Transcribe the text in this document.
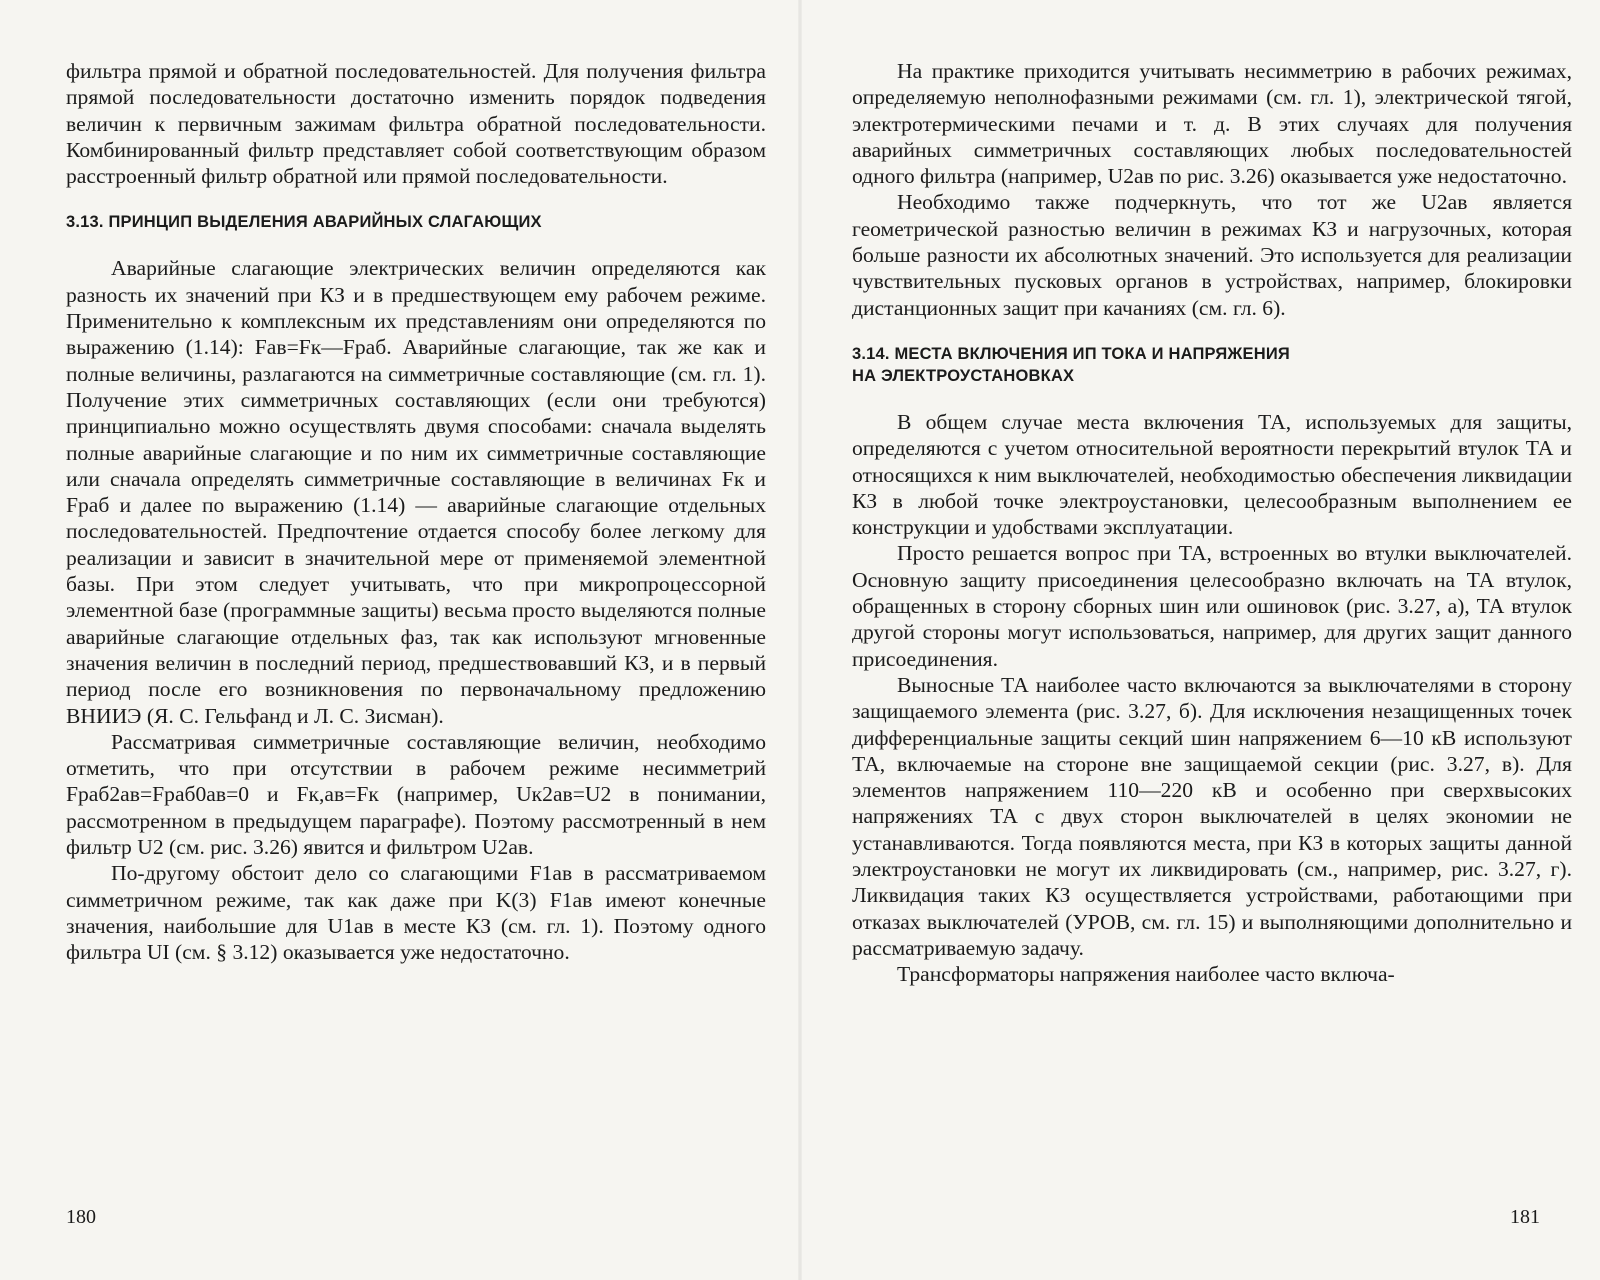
фильтра прямой и обратной последовательностей. Для получения фильтра прямой последовательности достаточно изменить порядок подведения величин к первичным зажимам фильтра обратной последовательности. Комбинированный фильтр представляет собой соответствующим образом расстроенный фильтр обратной или прямой последовательности.

3.13. ПРИНЦИП ВЫДЕЛЕНИЯ АВАРИЙНЫХ СЛАГАЮЩИХ

Аварийные слагающие электрических величин определяются как разность их значений при КЗ и в предшествующем ему рабочем режиме. Применительно к комплексным их представлениям они определяются по выражению (1.14): Fав=Fк—Fраб. Аварийные слагающие, так же как и полные величины, разлагаются на симметричные составляющие (см. гл. 1). Получение этих симметричных составляющих (если они требуются) принципиально можно осуществлять двумя способами: сначала выделять полные аварийные слагающие и по ним их симметричные составляющие или сначала определять симметричные составляющие в величинах Fк и Fраб и далее по выражению (1.14) — аварийные слагающие отдельных последовательностей. Предпочтение отдается способу более легкому для реализации и зависит в значительной мере от применяемой элементной базы. При этом следует учитывать, что при микропроцессорной элементной базе (программные защиты) весьма просто выделяются полные аварийные слагающие отдельных фаз, так как используют мгновенные значения величин в последний период, предшествовавший КЗ, и в первый период после его возникновения по первоначальному предложению ВНИИЭ (Я. С. Гельфанд и Л. С. Зисман).

Рассматривая симметричные составляющие величин, необходимо отметить, что при отсутствии в рабочем режиме несимметрий Fраб2ав=Fраб0ав=0 и Fк,ав=Fк (например, Uк2ав=U2 в понимании, рассмотренном в предыдущем параграфе). Поэтому рассмотренный в нем фильтр U2 (см. рис. 3.26) явится и фильтром U2ав.

По-другому обстоит дело со слагающими F1ав в рассматриваемом симметричном режиме, так как даже при K(3) F1ав имеют конечные значения, наибольшие для U1ав в месте КЗ (см. гл. 1). Поэтому одного фильтра UI (см. § 3.12) оказывается уже недостаточно.

180

На практике приходится учитывать несимметрию в рабочих режимах, определяемую неполнофазными режимами (см. гл. 1), электрической тягой, электротермическими печами и т. д. В этих случаях для получения аварийных симметричных составляющих любых последовательностей одного фильтра (например, U2ав по рис. 3.26) оказывается уже недостаточно.

Необходимо также подчеркнуть, что тот же U2ав является геометрической разностью величин в режимах КЗ и нагрузочных, которая больше разности их абсолютных значений. Это используется для реализации чувствительных пусковых органов в устройствах, например, блокировки дистанционных защит при качаниях (см. гл. 6).

3.14. МЕСТА ВКЛЮЧЕНИЯ ИП ТОКА И НАПРЯЖЕНИЯ
НА ЭЛЕКТРОУСТАНОВКАХ

В общем случае места включения ТА, используемых для защиты, определяются с учетом относительной вероятности перекрытий втулок ТА и относящихся к ним выключателей, необходимостью обеспечения ликвидации КЗ в любой точке электроустановки, целесообразным выполнением ее конструкции и удобствами эксплуатации.

Просто решается вопрос при ТА, встроенных во втулки выключателей. Основную защиту присоединения целесообразно включать на ТА втулок, обращенных в сторону сборных шин или ошиновок (рис. 3.27, а), ТА втулок другой стороны могут использоваться, например, для других защит данного присоединения.

Выносные ТА наиболее часто включаются за выключателями в сторону защищаемого элемента (рис. 3.27, б). Для исключения незащищенных точек дифференциальные защиты секций шин напряжением 6—10 кВ используют ТА, включаемые на стороне вне защищаемой секции (рис. 3.27, в). Для элементов напряжением 110—220 кВ и особенно при сверхвысоких напряжениях ТА с двух сторон выключателей в целях экономии не устанавливаются. Тогда появляются места, при КЗ в которых защиты данной электроустановки не могут их ликвидировать (см., например, рис. 3.27, г). Ликвидация таких КЗ осуществляется устройствами, работающими при отказах выключателей (УРОВ, см. гл. 15) и выполняющими дополнительно и рассматриваемую задачу.

Трансформаторы напряжения наиболее часто включа-

181
